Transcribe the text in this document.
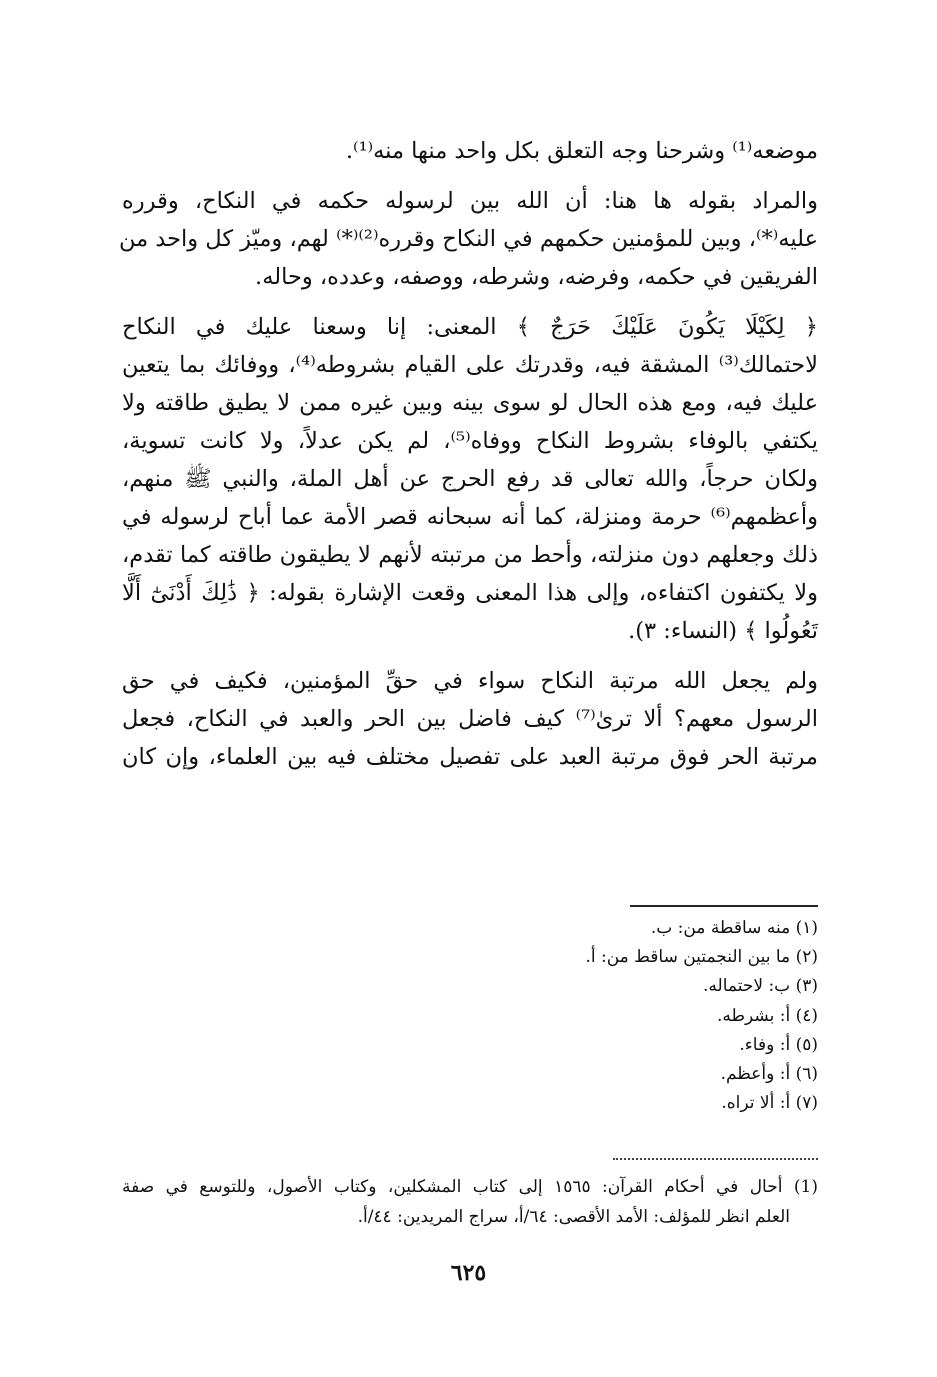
موضعه⁽¹⁾ وشرحنا وجه التعلق بكل واحد منها منه⁽¹⁾.

والمراد بقوله ها هنا: أن الله بين لرسوله حكمه في النكاح، وقرره
عليه⁽*⁾، وبين للمؤمنين حكمهم في النكاح وقرره⁽²⁾⁽*⁾ لهم، وميّز كل واحد من
الفريقين في حكمه، وفرضه، وشرطه، ووصفه، وعدده، وحاله.

﴿ لِكَيْلَا يَكُونَ عَلَيْكَ حَرَجٌ ﴾ المعنى: إنا وسعنا عليك في النكاح
لاحتمالك⁽³⁾ المشقة فيه، وقدرتك على القيام بشروطه⁽⁴⁾، ووفائك بما يتعين
عليك فيه، ومع هذه الحال لو سوى بينه وبين غيره ممن لا يطيق طاقته ولا
يكتفي بالوفاء بشروط النكاح ووفاه⁽⁵⁾، لم يكن عدلاً، ولا كانت تسوية،
ولكان حرجاً، والله تعالى قد رفع الحرج عن أهل الملة، والنبي ﷺ منهم،
وأعظمهم⁽⁶⁾ حرمة ومنزلة، كما أنه سبحانه قصر الأمة عما أباح لرسوله في
ذلك وجعلهم دون منزلته، وأحط من مرتبته لأنهم لا يطيقون طاقته كما تقدم،
ولا يكتفون اكتفاءه، وإلى هذا المعنى وقعت الإشارة بقوله: ﴿ ذَٰلِكَ أَدْنَىٰٓ أَلَّا
تَعُولُوا ﴾ (النساء: ٣).

ولم يجعل الله مرتبة النكاح سواء في حقِّ المؤمنين، فكيف في حق
الرسول معهم؟ ألا ترىٰ⁽⁷⁾ كيف فاضل بين الحر والعبد في النكاح، فجعل
مرتبة الحر فوق مرتبة العبد على تفصيل مختلف فيه بين العلماء، وإن كان

(١) منه ساقطة من: ب.
(٢) ما بين النجمتين ساقط من: أ.
(٣) ب: لاحتماله.
(٤) أ: بشرطه.
(٥) أ: وفاء.
(٦) أ: وأعظم.
(٧) أ: ألا تراه.
(1) أحال في أحكام القرآن: ١٥٦٥ إلى كتاب المشكلين، وكتاب الأصول، وللتوسع في صفة
العلم انظر للمؤلف: الأمد الأقصى: ٦٤/أ، سراج المريدين: ٤٤/أ.
٦٢٥
